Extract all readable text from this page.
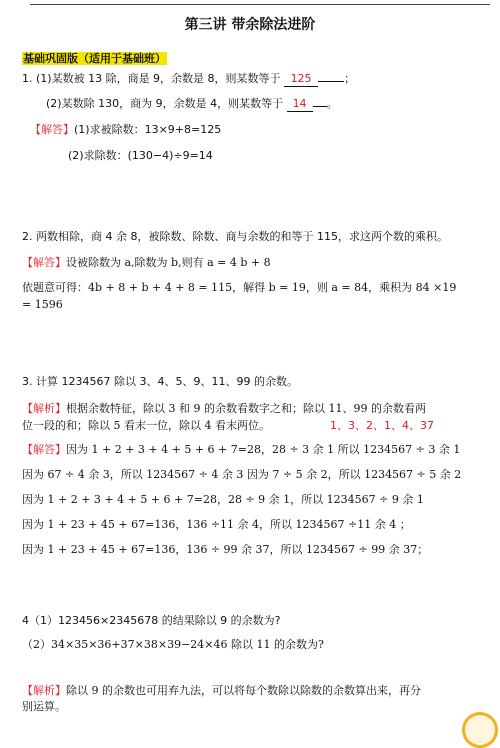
第三讲 带余除法进阶
基础巩固版（适用于基础班）
1. (1)某数被 13 除，商是 9，余数是 8，则某数等于 125	；
(2)某数除 130，商为 9，余数是 4，则某数等于 14 。
【解答】(1)求被除数：13×9+8=125
(2)求除数：(130−4)÷9=14
2. 两数相除，商 4 余 8，被除数、除数、商与余数的和等于 115，求这两个数的乘积。
【解答】设被除数为 a,除数为 b,则有 a = 4 b + 8
依题意可得：4b + 8 + b + 4 + 8 = 115，解得 b = 19，则 a = 84，乘积为 84 ×19
= 1596
3. 计算 1234567 除以 3、4、5、9、11、99 的余数。
【解析】根据余数特征，除以 3 和 9 的余数看数字之和；除以 11、99 的余数看两
位一段的和；除以 5 看末一位，除以 4 看末两位。
【解答】因为 1 + 2 + 3 + 4 + 5 + 6 + 7=28，28 ÷ 3 余 1 所以 1234567 ÷ 3 余 1
1、3、2、1、4、37
因为 67 ÷ 4 余 3，所以 1234567 ÷ 4 余 3 因为 7 ÷ 5 余 2，所以 1234567 ÷ 5 余 2
因为 1 + 2 + 3 + 4 + 5 + 6 + 7=28，28 ÷ 9 余 1，所以 1234567 ÷ 9 余 1
因为 1 + 23 + 45 + 67=136，136 ÷11 余 4，所以 1234567 ÷11 余 4 ；
因为 1 + 23 + 45 + 67=136，136 ÷ 99 余 37，所以 1234567 ÷ 99 余 37；
4（1）123456×2345678 的结果除以 9 的余数为?
（2）34×35×36+37×38×39−24×46 除以 11 的余数为?
【解析】除以 9 的余数也可用弃九法，可以将每个数除以除数的余数算出来，再分
别运算。
